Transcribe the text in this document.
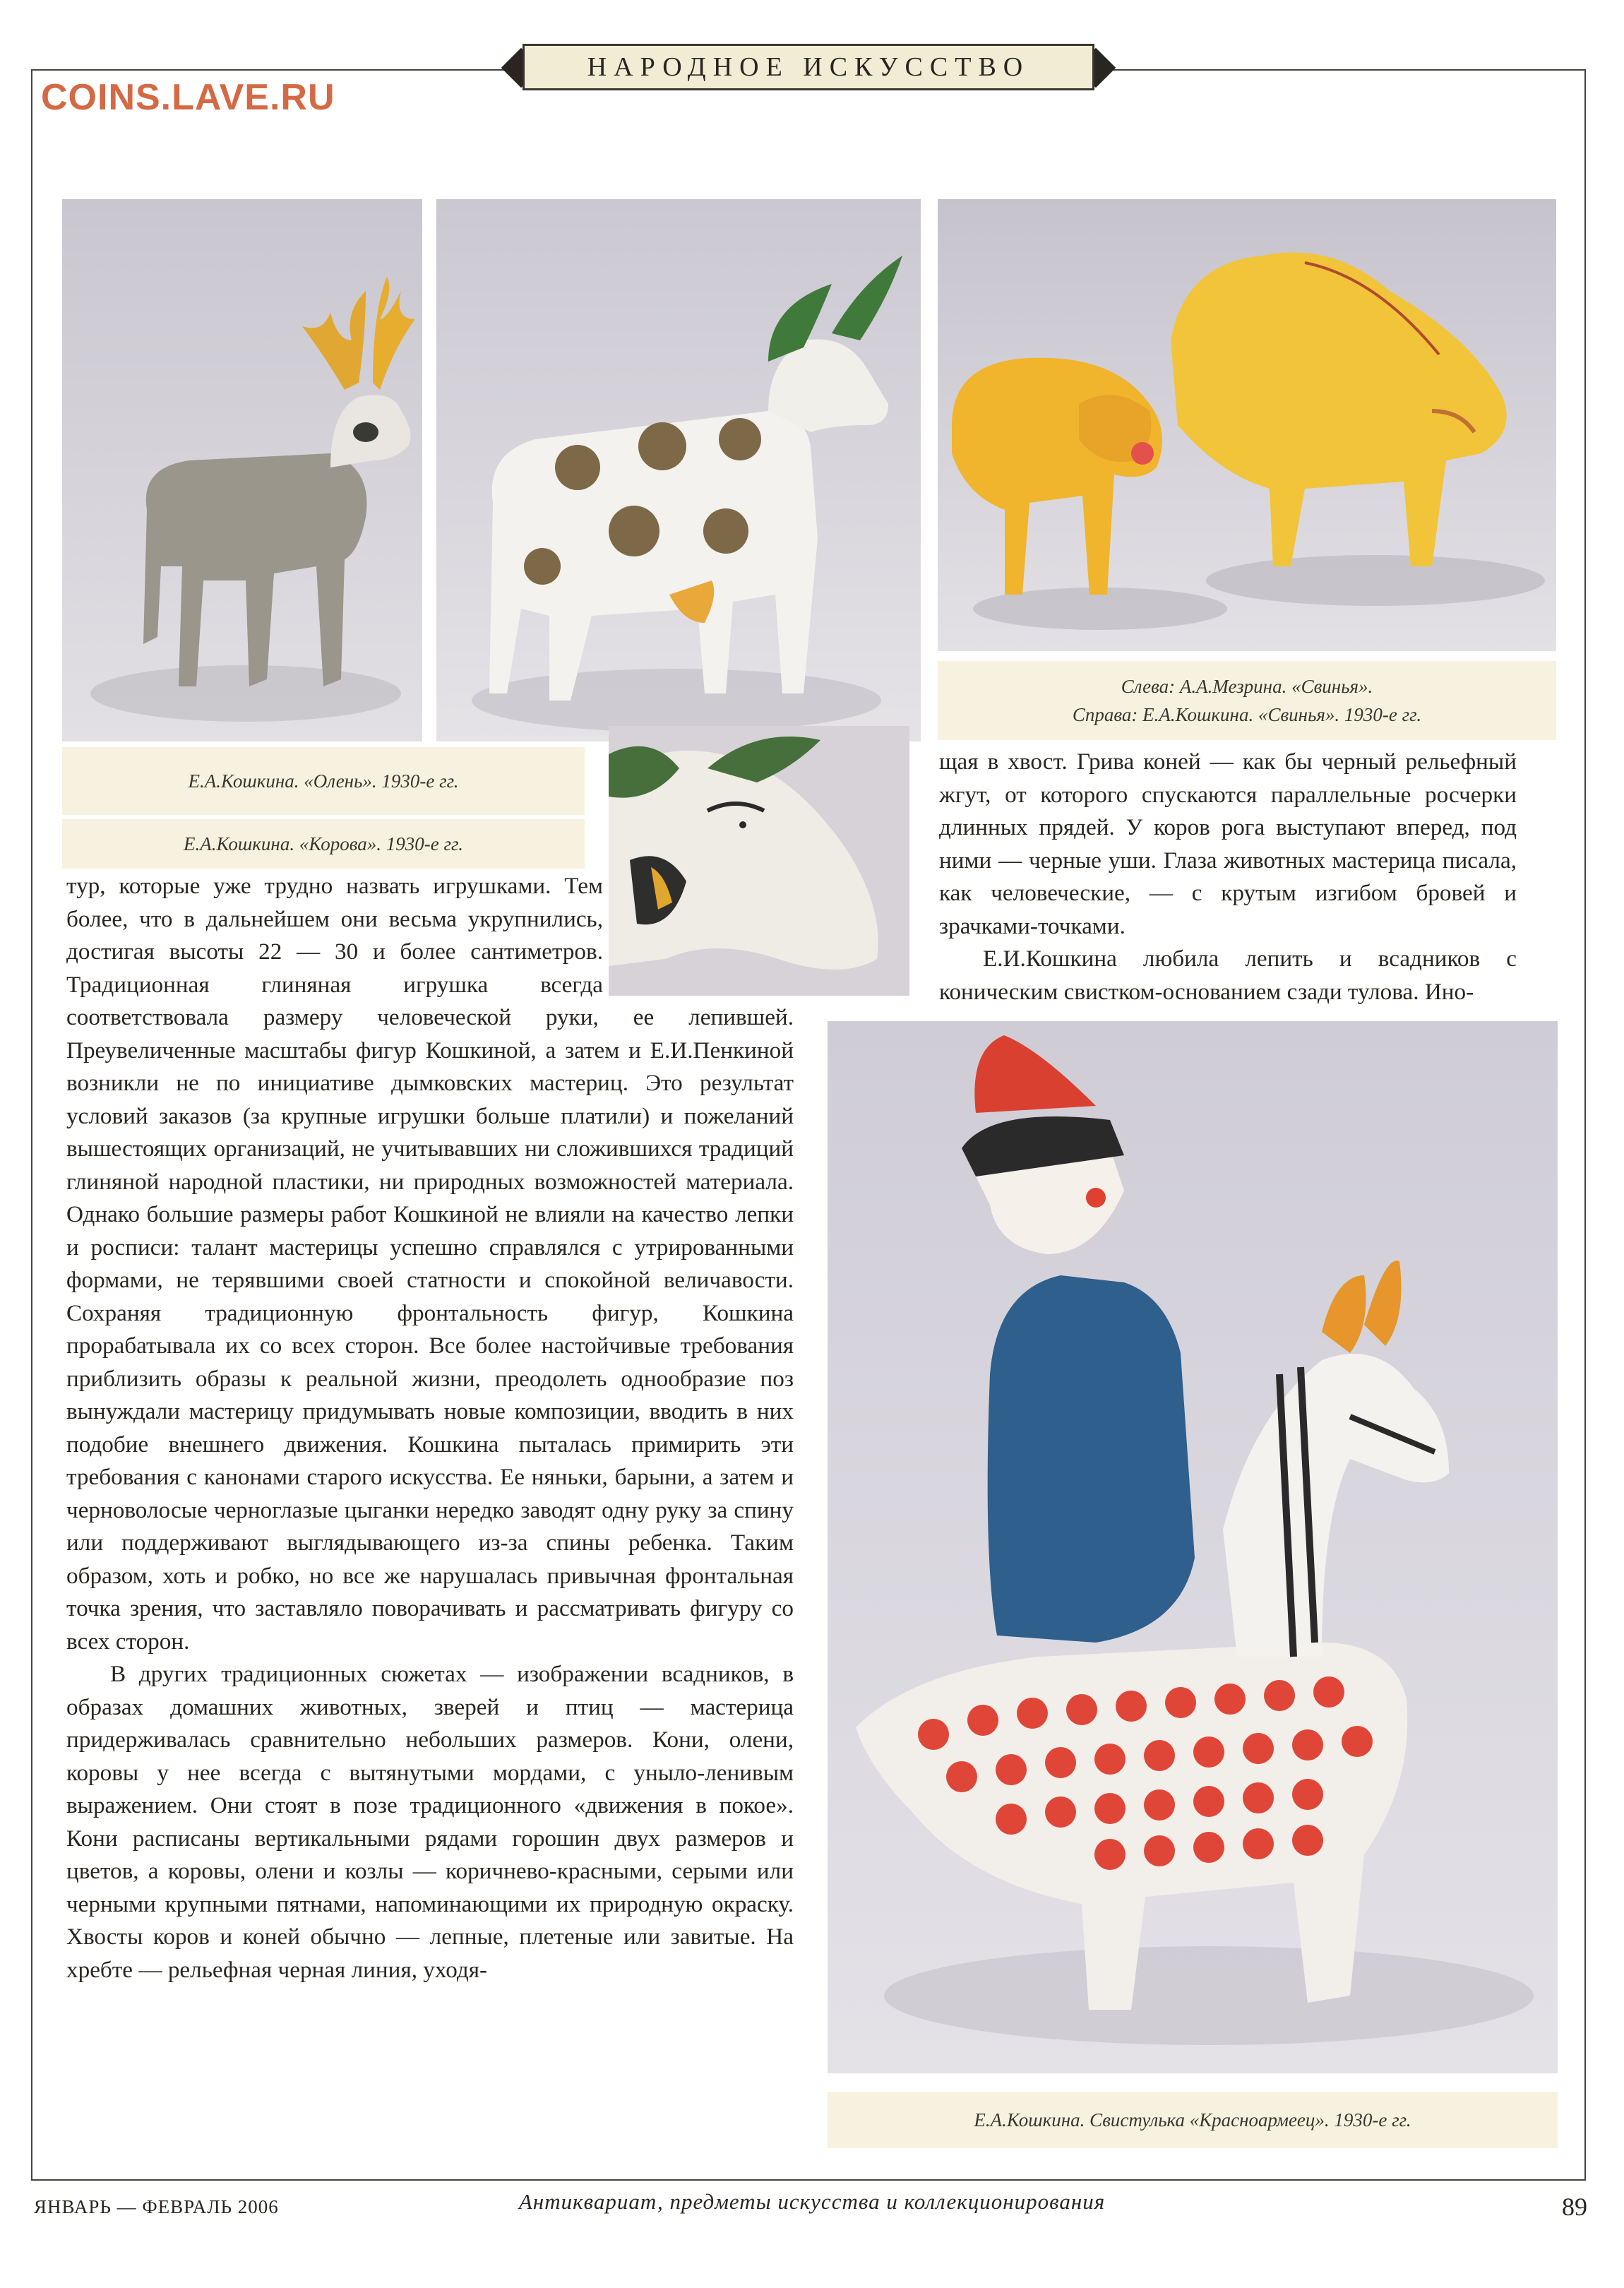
НАРОДНОЕ ИСКУССТВО
COINS.LAVE.RU
Е.А.Кошкина. «Олень». 1930-е гг.
Е.А.Кошкина. «Корова». 1930-е гг.
Слева: А.А.Мезрина. «Свинья».
Справа: Е.А.Кошкина. «Свинья». 1930-е гг.

щая в хвост. Грива коней — как бы черный рельефный жгут, от которого спускаются параллельные росчерки длинных прядей. У коров рога выступают вперед, под ними — черные уши. Глаза животных мастерица писала, как человеческие, — с крутым изгибом бровей и зрачками-точками.

Е.И.Кошкина любила лепить и всадников с коническим свистком-основанием сзади тулова. Ино-

Е.А.Кошкина. Свистулька «Красноармеец». 1930-е гг.

тур, которые уже трудно назвать игрушками. Тем более, что в дальнейшем они весьма укрупнились, достигая высоты 22 — 30 и более сантиметров. Традиционная глиняная игрушка всегда соответствовала размеру человеческой руки, ее лепившей. Преувеличенные масштабы фигур Кошкиной, а затем и Е.И.Пенкиной возникли не по инициативе дымковских мастериц. Это результат условий заказов (за крупные игрушки больше платили) и пожеланий вышестоящих организаций, не учитывавших ни сложившихся традиций глиняной народной пластики, ни природных возможностей материала. Однако большие размеры работ Кошкиной не влияли на качество лепки и росписи: талант мастерицы успешно справлялся с утрированными формами, не терявшими своей статности и спокойной величавости. Сохраняя традиционную фронтальность фигур, Кошкина прорабатывала их со всех сторон. Все более настойчивые требования приблизить образы к реальной жизни, преодолеть однообразие поз вынуждали мастерицу придумывать новые композиции, вводить в них подобие внешнего движения. Кошкина пыталась примирить эти требования с канонами старого искусства. Ее няньки, барыни, а затем и черноволосые черноглазые цыганки нередко заводят одну руку за спину или поддерживают выглядывающего из-за спины ребенка. Таким образом, хоть и робко, но все же нарушалась привычная фронтальная точка зрения, что заставляло поворачивать и рассматривать фигуру со всех сторон.

В других традиционных сюжетах — изображении всадников, в образах домашних животных, зверей и птиц — мастерица придерживалась сравнительно небольших размеров. Кони, олени, коровы у нее всегда с вытянутыми мордами, с уныло-ленивым выражением. Они стоят в позе традиционного «движения в покое». Кони расписаны вертикальными рядами горошин двух размеров и цветов, а коровы, олени и козлы — коричнево-красными, серыми или черными крупными пятнами, напоминающими их природную окраску. Хвосты коров и коней обычно — лепные, плетеные или завитые. На хребте — рельефная черная линия, уходя-

ЯНВАРЬ — ФЕВРАЛЬ 2006	Антиквариат, предметы искусства и коллекционирования	89
